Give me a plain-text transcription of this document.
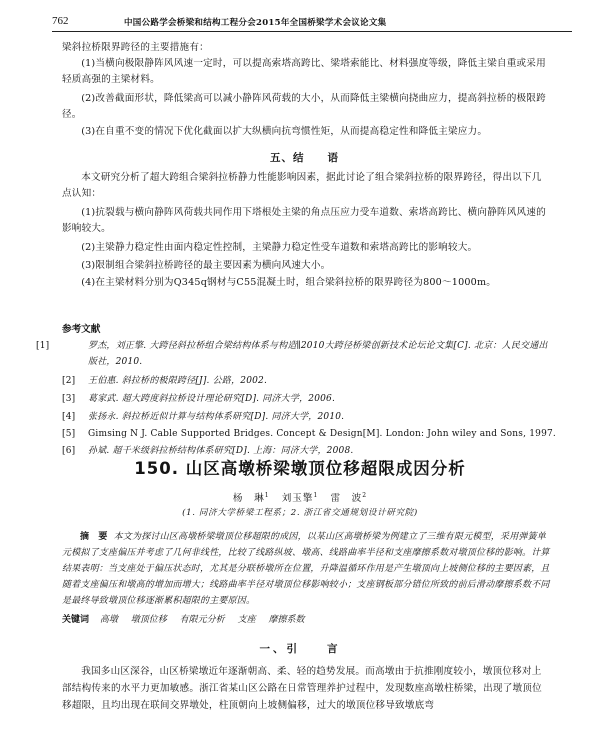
762	中国公路学会桥梁和结构工程分会2015年全国桥梁学术会议论文集
梁斜拉桥限界跨径的主要措施有：
(1)当横向极限静阵风风速一定时，可以提高索塔高跨比、梁塔索能比、材料强度等级，降低主梁自重或采用轻质高强的主梁材料。
(2)改善截面形状，降低梁高可以减小静阵风荷载的大小，从而降低主梁横向挠曲应力，提高斜拉桥的极限跨径。
(3)在自重不变的情况下优化截面以扩大纵横向抗弯惯性矩，从而提高稳定性和降低主梁应力。
五、结　　语
本文研究分析了超大跨组合梁斜拉桥静力性能影响因素，据此讨论了组合梁斜拉桥的限界跨径，得出以下几点认知：
(1)抗裂载与横向静阵风荷载共同作用下塔根处主梁的角点压应力受车道数、索塔高跨比、横向静阵风风速的影响较大。
(2)主梁静力稳定性由面内稳定性控制，主梁静力稳定性受车道数和索塔高跨比的影响较大。
(3)限制组合梁斜拉桥跨径的最主要因素为横向风速大小。
(4)在主梁材料分别为Q345q钢材与C55混凝土时，组合梁斜拉桥的限界跨径为800～1000m。
参考文献
[1]	罗杰，刘正擎. 大跨径斜拉桥组合梁结构体系与构造∥2010大跨径桥梁创新技术论坛论文集[C]. 北京：人民交通出版社，2010.
[2] 王伯惠. 斜拉桥的极限跨径[J]. 公路，2002.
[3] 葛家武. 超大跨度斜拉桥设计理论研究[D]. 同济大学，2006.
[4] 张扬永. 斜拉桥近似计算与结构体系研究[D]. 同济大学，2010.
[5] Gimsing N J. Cable Supported Bridges. Concept & Design[M]. London: John wiley and Sons, 1997.
[6] 孙斌. 超千米级斜拉桥结构体系研究[D]. 上海：同济大学，2008.
150. 山区高墩桥梁墩顶位移超限成因分析
杨　琳$^1$ 刘玉擎$^1$ 雷　波$^2$
(1. 同济大学桥梁工程系；2. 浙江省交通规划设计研究院)
摘　要 本文为探讨山区高墩桥梁墩顶位移超限的成因，以某山区高墩桥梁为例建立了三维有限元模型，采用弹簧单元模拟了支座偏压并考虑了几何非线性，比较了线路纵坡、墩高、线路曲率半径和支座摩擦系数对墩顶位移的影响。计算结果表明：当支座处于偏压状态时，尤其是分联桥墩所在位置，升降温循环作用是产生墩顶向上坡侧位移的主要因素，且随着支座偏压和墩高的增加而增大；线路曲率半径对墩顶位移影响较小；支座钢板部分错位所致的前后滑动摩擦系数不同是最终导致墩顶位移逐渐累积超限的主要原因。
关键词 高墩 墩顶位移 有限元分析 支座 摩擦系数
一、引　　言
我国多山区深谷，山区桥梁墩近年逐渐朝高、柔、轻的趋势发展。而高墩由于抗推刚度较小，墩顶位移对上部结构传来的水平力更加敏感。浙江省某山区公路在日常管理养护过程中，发现数座高墩柱桥梁，出现了墩顶位移超限，且均出现在联间交界墩处，柱顶朝向上坡侧偏移，过大的墩顶位移导致墩底弯
